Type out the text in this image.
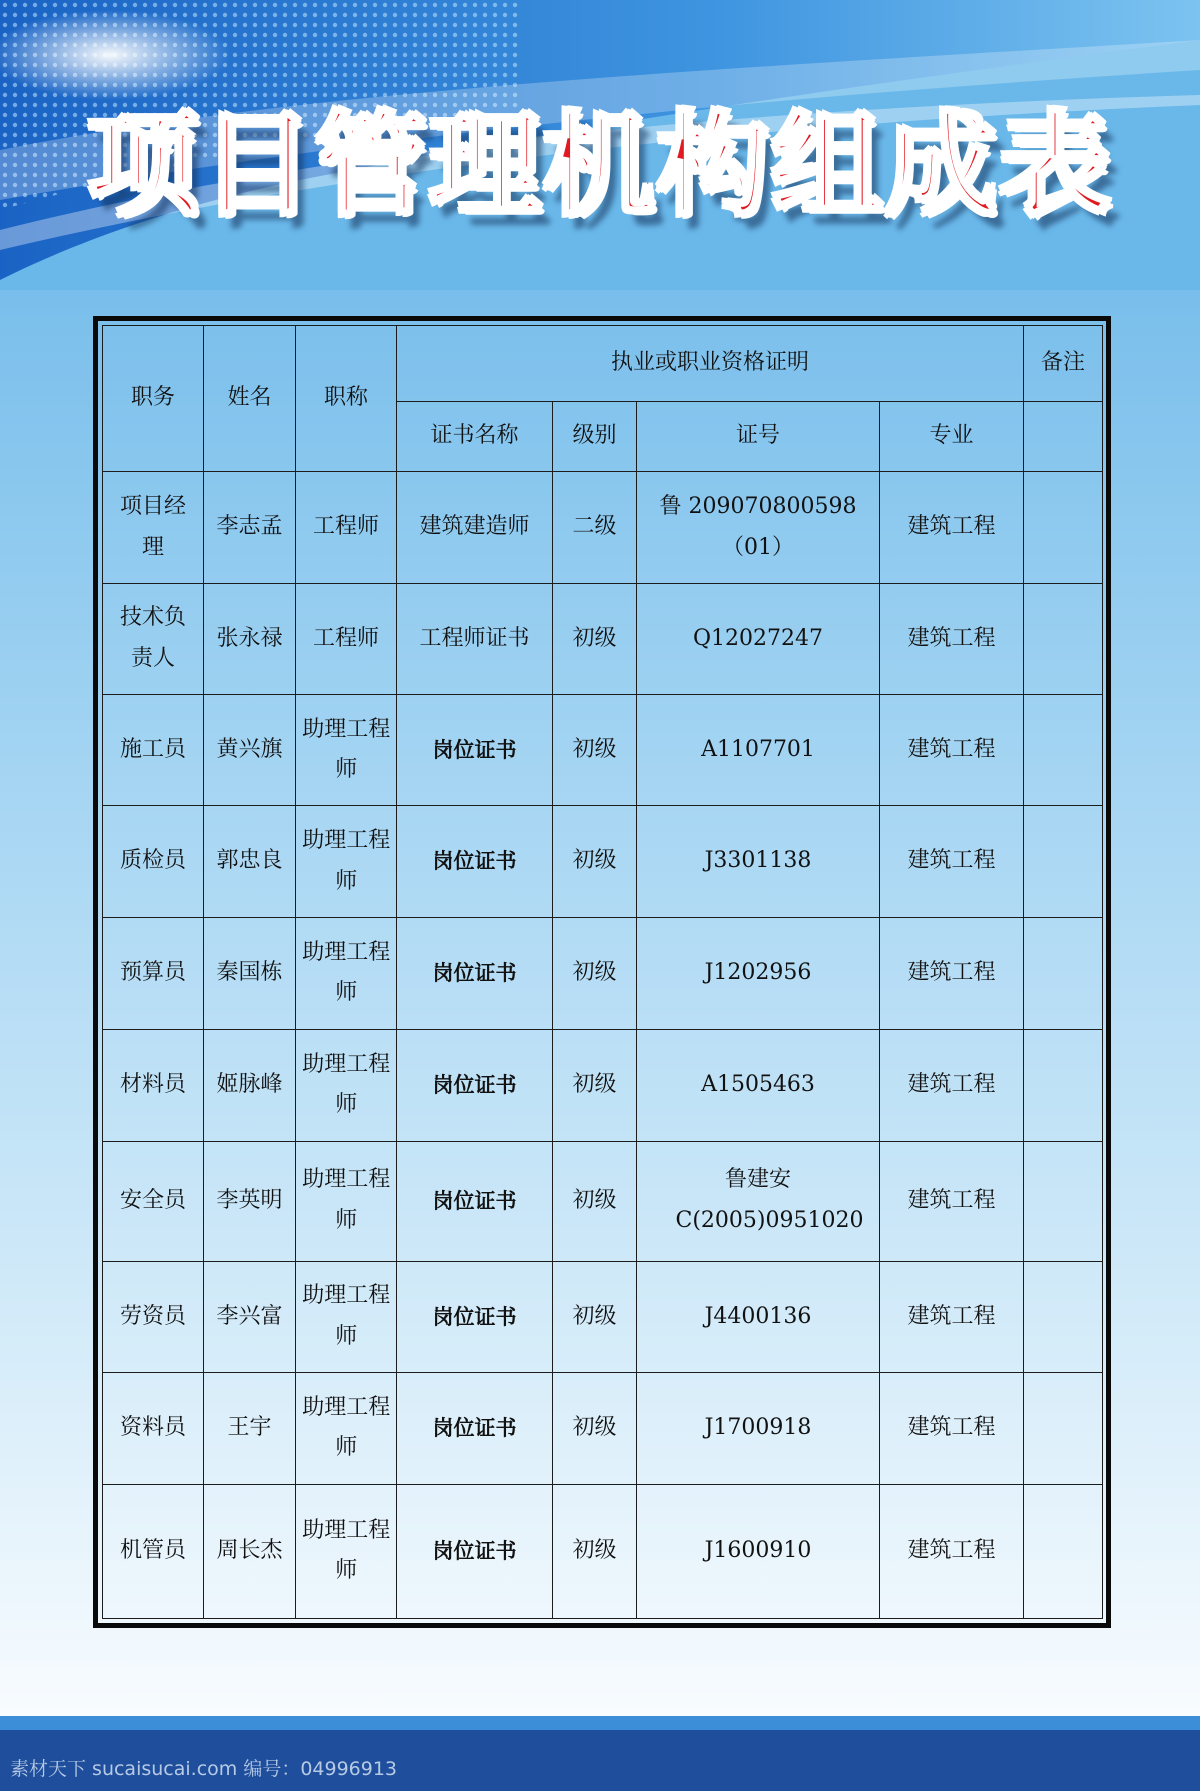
项目管理机构组成表
职务	姓名	职称	执业或职业资格证明				备注
			证书名称	级别	证号	专业	

项目经理	李志孟	工程师	建筑建造师	二级	鲁 209070800598（01）	建筑工程	

技术负责人	张永禄	工程师	工程师证书	初级	Q12027247	建筑工程	
施工员	黄兴旗	助理工程师	岗位证书	初级	A1107701	建筑工程	
质检员	郭忠良	助理工程师	岗位证书	初级	J3301138	建筑工程	
预算员	秦国栋	助理工程师	岗位证书	初级	J1202956	建筑工程	
材料员	姬脉峰	助理工程师	岗位证书	初级	A1505463	建筑工程	
安全员	李英明	助理工程师	岗位证书	初级	鲁建安 C(2005)0951020	建筑工程	
劳资员	李兴富	助理工程师	岗位证书	初级	J4400136	建筑工程	
资料员	王宇	助理工程师	岗位证书	初级	J1700918	建筑工程	
机管员	周长杰	助理工程师	岗位证书	初级	J1600910	建筑工程	
素材天下 sucaisucai.com 编号：04996913
